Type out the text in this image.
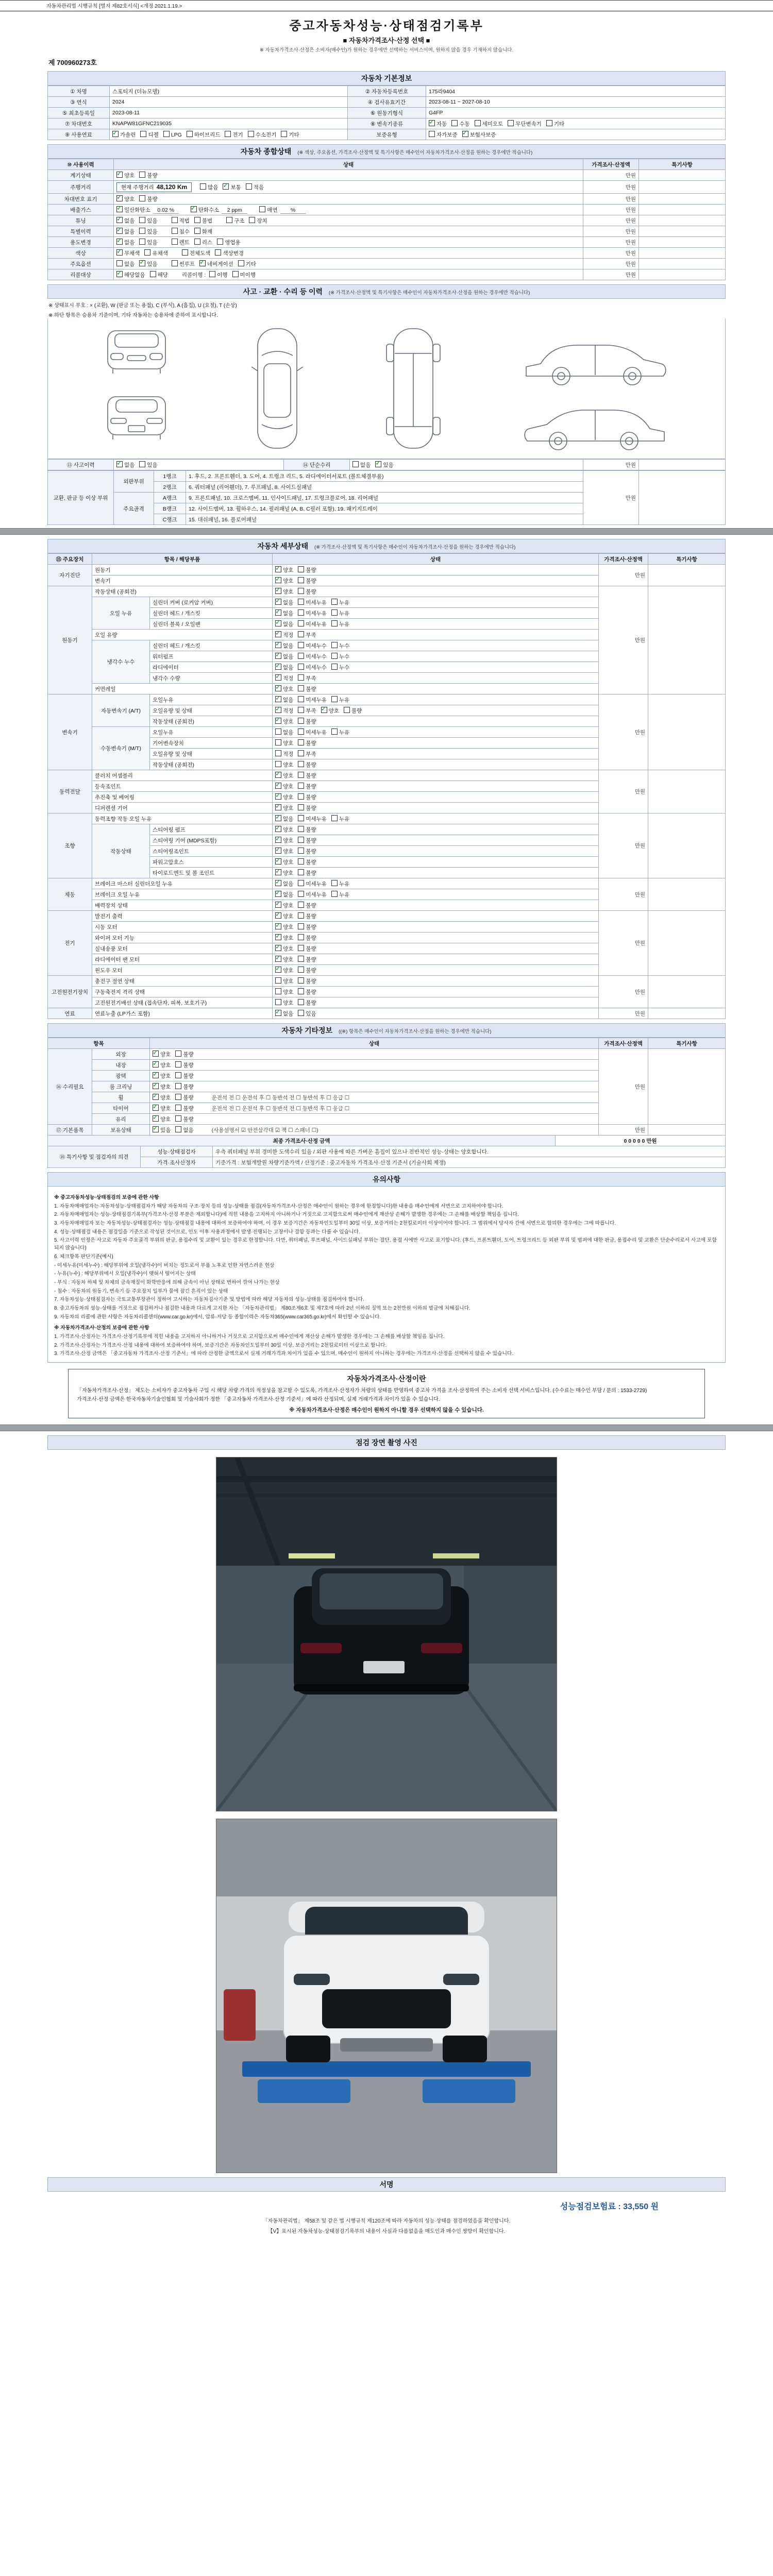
자동차관리법 시행규칙 [별지 제82호서식] <개정 2021.1.19.>
중고자동차성능·상태점검기록부
■ 자동차가격조사·산정 선택 ■
※ 자동차가격조사·산정은 소비자(매수인)가 원하는 경우에만 선택하는 서비스이며, 원하지 않을 경우 기재하지 않습니다.
제 700960273호
자동차 기본정보
① 차명	스포티지 (더뉴모델)	② 자동차등록번호	175라9404
③ 연식	2024	④ 검사유효기간	2023-08-11 ~ 2027-08-10
⑤ 최초등록일	2023-08-11	⑥ 원동기형식	G4FP
⑦ 차대번호	KNAPW81GFNC219035	⑧ 변속기종류	✓자동 수동 세미오토 무단변속기 기타
⑨ 사용연료	✓가솔린 디젤 LPG 하이브리드 전기 수소전기 기타	보증유형	자가보증 ✓ 보험사보증
자동차 종합상태 (※ 색상, 주요옵션, 가격조사·산정액 및 특기사항은 매수인이 자동차가격조사·산정을 원하는 경우에만 적습니다)
⑩ 사용이력	상태	가격조사·산정액	특기사항
계기상태	✓양호 불량	만원	
주행거리	현재 주행거리 48,120 Km 많음 ✓ 보통 적음	만원	
차대번호 표기	✓양호 불량	만원	
배출가스	✓일산화탄소 0.02 % ✓ 탄화수소 2 ppm 매연 %	만원	
튜닝	✓없음 있음 적법 불법 구조 장치	만원	
특별이력	✓없음 있음 침수 화재	만원	
용도변경	✓없음 있음 렌트 리스 영업용	만원	
색상	✓무채색 유채색 전체도색 색상변경	만원	
주요옵션	없음 ✓ 있음 썬루프 ✓ 네비게이션 기타	만원	
리콜대상	✓해당없음 해당 리콜이행 : 이행 미이행	만원	
사고 · 교환 · 수리 등 이력 (※ 가격조사·산정액 및 특기사항은 매수인이 자동차가격조사·산정을 원하는 경우에만 적습니다)
※ 상태표시 부호 : × (교환), W (판금 또는 용접), C (부식), A (흠집), U (요철), T (손상)
※ 하단 항목은 승용차 기준이며, 기타 자동차는 승용차에 준하여 표시합니다.
⑬ 사고이력	✓없음 있음	⑭ 단순수리	없음 ✓ 있음	만원	
교환, 판금 등 이상 부위	외판부위	1랭크	1. 후드, 2. 프론트휀더, 3. 도어, 4. 트렁크 리드, 5. 라디에이터서포트 (볼트체결부품)	만원	
		2랭크	6. 쿼터패널 (리어휀더), 7. 루프패널, 8. 사이드실패널		
	주요골격	A랭크	9. 프론트패널, 10. 크로스멤버, 11. 인사이드패널, 17. 트렁크플로어, 18. 리어패널		
		B랭크	12. 사이드멤버, 13. 휠하우스, 14. 필러패널 (A, B, C필러 포함), 19. 패키지트레이		
		C랭크	15. 대쉬패널, 16. 플로어패널		
자동차 세부상태 (※ 가격조사·산정액 및 특기사항은 매수인이 자동차가격조사·산정을 원하는 경우에만 적습니다)
⑮ 주요장치	항목 / 해당부품		상태	가격조사·산정액	특기사항
자기진단	원동기	✓양호 불량	만원	
	변속기	✓양호 불량
원동기	작동상태 (공회전)	✓양호 불량	만원	
	오일 누유	실린더 커버 (로커암 커버)	✓없음 미세누유 누유
		실린더 헤드 / 개스킷	✓없음 미세누유 누유
		실린더 블록 / 오일팬	✓없음 미세누유 누유
	오일 유량	✓적정 부족
	냉각수 누수	실린더 헤드 / 개스킷	✓없음 미세누수 누수
		워터펌프	✓없음 미세누수 누수
		라디에이터	✓없음 미세누수 누수
		냉각수 수량	✓적정 부족
	커먼레일	✓양호 불량
변속기	자동변속기 (A/T)	오일누유	✓없음 미세누유 누유	만원	
		오일유량 및 상태	✓적정 부족 ✓ 양호 불량
		작동상태 (공회전)	✓양호 불량
	수동변속기 (M/T)	오일누유	없음 미세누유 누유		
		기어변속장치	양호 불량		
		오일유량 및 상태	적정 부족		
		작동상태 (공회전)	양호 불량		
동력전달	클러치 어셈블리	✓양호 불량	만원	
	등속조인트	✓양호 불량
	추진축 및 베어링	✓양호 불량
	디퍼렌셜 기어	✓양호 불량
조향	동력조향 작동 오일 누유	✓없음 미세누유 누유	만원	
	작동상태	스티어링 펌프	✓양호 불량
		스티어링 기어 (MDPS포함)	✓양호 불량
		스티어링조인트	✓양호 불량
		파워고압호스	✓양호 불량
		타이로드엔드 및 볼 조인트	✓양호 불량
제동	브레이크 마스터 실린더오일 누유	✓없음 미세누유 누유	만원	
	브레이크 오일 누유	✓없음 미세누유 누유
	배력장치 상태	✓양호 불량
전기	발전기 출력	✓양호 불량	만원	
	시동 모터	✓양호 불량
	와이퍼 모터 기능	✓양호 불량
	실내송풍 모터	✓양호 불량
	라디에이터 팬 모터	✓양호 불량
	윈도우 모터	✓양호 불량
고전원전기장치	충전구 절연 상태		양호 불량	만원	
	구동축전지 격리 상태		양호 불량		
	고전원전기배선 상태 (접속단자, 피복, 보호기구)		양호 불량		
연료	연료누출 (LP가스 포함)	✓없음 있음	만원	
자동차 기타정보 ((※) 항목은 매수인이 자동차가격조사·산정을 원하는 경우에만 적습니다)
항목		상태	가격조사·산정액	특기사항
⑯ 수리필요	외장	✓양호 불량	만원	
	내장	✓양호 불량
	광택	✓양호 불량
	룸 크리닝	✓양호 불량
	휠	✓양호 불량 운전석 전 ☐ 운전석 후 ☐ 동반석 전 ☐ 동반석 후 ☐ 응급 ☐
	타이어	✓양호 불량 운전석 전 ☐ 운전석 후 ☐ 동반석 전 ☐ 동반석 후 ☐ 응급 ☐
	유리	✓양호 불량
⑰ 기본품목	보유상태	✓있음 없음 (사용설명서 ☑ 안전삼각대 ☑ 잭 ☐ 스패너 ☐)	만원	
최종 가격조사·산정 금액	0 0 0 0 0 만원
⑱ 특기사항 및 점검자의 의견	성능·상태점검자	우측 쿼터패널 부위 경미한 도색수리 있음 / 외판 사용에 따른 가벼운 흠집이 있으나 전반적인 성능·상태는 양호합니다.
	가격·조사산정자	기준가격 : 보험개발원 차량기준가액 / 산정기준 : 중고자동차 가격조사·산정 기준서 (기술사회 제정)
유의사항
※ 중고자동차성능·상태점검의 보증에 관한 사항
1. 자동차매매업자는 자동차성능·상태점검자가 해당 자동차의 구조·장치 등의 성능·상태를 점검(자동차가격조사·산정은 매수인이 원하는 경우에 한정합니다)한 내용을 매수인에게 서면으로 고지하여야 합니다.
2. 자동차매매업자는 성능·상태점검기록부(가격조사·산정 부분은 제외합니다)에 적힌 내용을 고지하지 아니하거나 거짓으로 고지함으로써 매수인에게 재산상 손해가 발생한 경우에는 그 손해를 배상할 책임을 집니다.
3. 자동차매매업자 또는 자동차성능·상태점검자는 성능·상태점검 내용에 대하여 보증하여야 하며, 이 경우 보증기간은 자동차인도일부터 30일 이상, 보증거리는 2천킬로미터 이상이어야 합니다. 그 범위에서 당사자 간에 서면으로 합의한 경우에는 그에 따릅니다.
4. 성능·상태점검 내용은 점검일을 기준으로 작성된 것이므로, 인도 이후 사용과정에서 발생·진행되는 고장이나 결함 등과는 다를 수 있습니다.
5. 사고이력 인정은 사고로 자동차 주요골격 부위의 판금, 용접수리 및 교환이 있는 경우로 한정합니다. 다만, 쿼터패널, 루프패널, 사이드실패널 부위는 절단, 용접 시에만 사고로 표기합니다. (후드, 프론트휀더, 도어, 트렁크리드 등 외판 부위 및 범퍼에 대한 판금, 용접수리 및 교환은 단순수리로서 사고에 포함되지 않습니다)
6. 체크항목 판단기준(예시)
- 미세누유(미세누수) : 해당부위에 오일(냉각수)이 비치는 정도로서 부품 노후로 인한 자연스러운 현상
- 누유(누수) : 해당부위에서 오일(냉각수)이 맺혀서 떨어지는 상태
- 부식 : 자동차 하체 및 차체의 금속재질이 화학반응에 의해 금속이 아닌 상태로 변하여 깎여 나가는 현상
- 침수 : 자동차의 원동기, 변속기 등 주요장치 일부가 물에 잠긴 흔적이 있는 상태
7. 자동차성능·상태점검자는 국토교통부장관이 정하여 고시하는 자동차검사기준 및 방법에 따라 해당 자동차의 성능·상태를 점검하여야 합니다.
8. 중고자동차의 성능·상태를 거짓으로 점검하거나 점검한 내용과 다르게 고지한 자는 「자동차관리법」 제80조제6호 및 제7호에 따라 2년 이하의 징역 또는 2천만원 이하의 벌금에 처해집니다.
9. 자동차의 리콜에 관한 사항은 자동차리콜센터(www.car.go.kr)에서, 압류·저당 등 종합이력은 자동차365(www.car365.go.kr)에서 확인할 수 있습니다.
※ 자동차가격조사·산정의 보증에 관한 사항
1. 가격조사·산정자는 가격조사·산정기록부에 적힌 내용을 고지하지 아니하거나 거짓으로 고지함으로써 매수인에게 재산상 손해가 발생한 경우에는 그 손해를 배상할 책임을 집니다.
2. 가격조사·산정자는 가격조사·산정 내용에 대하여 보증하여야 하며, 보증기간은 자동차인도일부터 30일 이상, 보증거리는 2천킬로미터 이상으로 합니다.
3. 가격조사·산정 금액은 「중고자동차 가격조사·산정 기준서」에 따라 산정한 금액으로서 실제 거래가격과 차이가 있을 수 있으며, 매수인이 원하지 아니하는 경우에는 가격조사·산정을 선택하지 않을 수 있습니다.
자동차가격조사·산정이란
「자동차가격조사·산정」 제도는 소비자가 중고자동차 구입 시 해당 차량 가격의 적정성을 참고할 수 있도록, 가격조사·산정자가 차량의 상태를 반영하여 중고차 가격을 조사·산정하여 주는 소비자 선택 서비스입니다. (수수료는 매수인 부담 / 문의 : 1533-2729)
가격조사·산정 금액은 한국자동차기술인협회 및 기술사회가 정한 「중고자동차 가격조사·산정 기준서」에 따라 산정되며, 실제 거래가격과 차이가 있을 수 있습니다.
※ 자동차가격조사·산정은 매수인이 원하지 아니할 경우 선택하지 않을 수 있습니다.
점검 장면 촬영 사진
서명
성능점검보험료 : 33,550 원
「자동차관리법」 제58조 및 같은 법 시행규칙 제120조에 따라 자동차의 성능·상태를 점검하였음을 확인합니다.
【V】표시된 자동차성능·상태점검기록부의 내용이 사실과 다름없음을 매도인과 매수인 쌍방이 확인합니다.
